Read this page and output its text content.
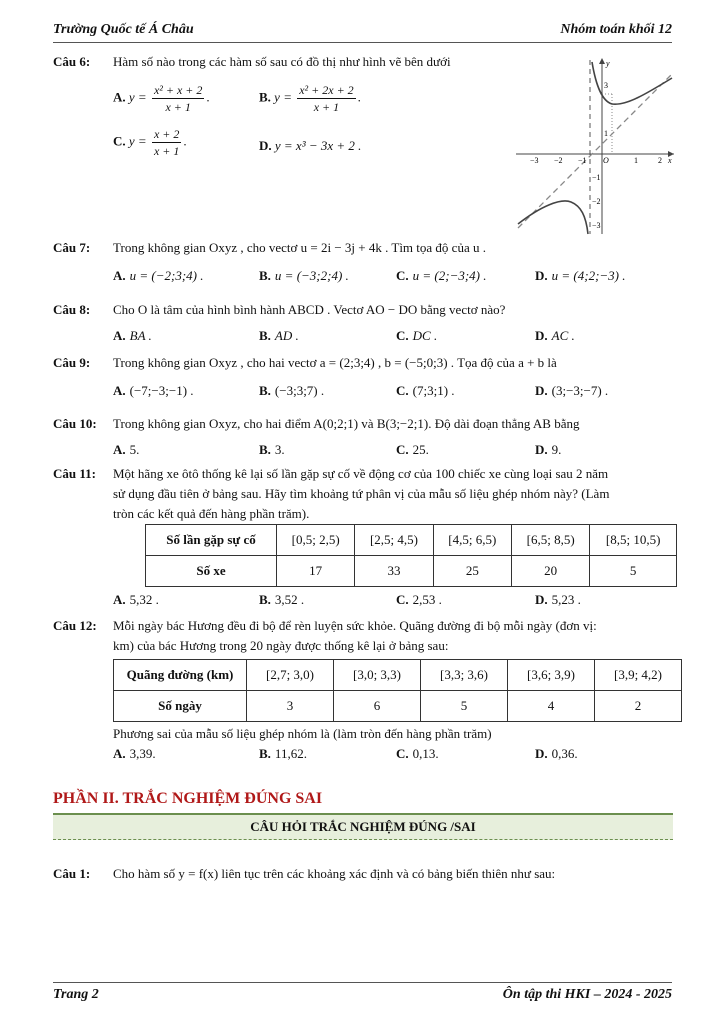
Trường Quốc tế Á Châu	Nhóm toán khối 12
Câu 6: Hàm số nào trong các hàm số sau có đồ thị như hình vẽ bên dưới
A. $y = \frac{\text{x² + x + 2}}{x + 1}$ .	B. $y = \frac{\text{x² + 2x + 2}}{x + 1}$ .
C. $y = \frac{x + 2}{x + 1}$ .	D. y = x³ − 3x + 2 .
−3 −2 −1 O	1	2 x
y
3
1
−1
−2
−3
Câu 7: Trong không gian Oxyz , cho vectơ u = 2i − 3j + 4k . Tìm tọa độ của u .
A. u = (−2;3;4) .	B. u = (−3;2;4) .	C. u = (2;−3;4) .	D. u = (4;2;−3) .
Câu 8: Cho O là tâm của hình bình hành ABCD . Vectơ AO − DO bằng vectơ nào?
A. BA .	B. AD .	C. DC .	D. AC .
Câu 9: Trong không gian Oxyz , cho hai vectơ a = (2;3;4) , b = (−5;0;3) . Tọa độ của a + b là
A. (−7;−3;−1) .	B. (−3;3;7) .	C. (7;3;1) .	D. (3;−3;−7) .
Câu 10: Trong không gian Oxyz, cho hai điểm A(0;2;1) và B(3;−2;1). Độ dài đoạn thẳng AB bằng
A. 5.	B. 3.	C. 25.	D. 9.
Câu 11: Một hãng xe ôtô thống kê lại số lần gặp sự cố về động cơ của 100 chiếc xe cùng loại sau 2 năm
sử dụng đầu tiên ở bảng sau. Hãy tìm khoảng tứ phân vị của mẫu số liệu ghép nhóm này? (Làm
tròn các kết quả đến hàng phần trăm).
Số lần gặp sự cố	[0,5; 2,5)	[2,5; 4,5)	[4,5; 6,5)	[6,5; 8,5)	[8,5; 10,5)
Số xe	17	33	25	20	5
A. 5,32 .	B. 3,52 .	C. 2,53 .	D. 5,23 .
Câu 12: Mỗi ngày bác Hương đều đi bộ để rèn luyện sức khỏe. Quãng đường đi bộ mỗi ngày (đơn vị:
km) của bác Hương trong 20 ngày được thống kê lại ở bảng sau:
Quãng đường (km)	[2,7; 3,0)	[3,0; 3,3)	[3,3; 3,6)	[3,6; 3,9)	[3,9; 4,2)
Số ngày	3	6	5	4	2
Phương sai của mẫu số liệu ghép nhóm là (làm tròn đến hàng phần trăm)
A. 3,39.	B. 11,62.	C. 0,13.	D. 0,36.
PHẦN II. TRẮC NGHIỆM ĐÚNG SAI
CÂU HỎI TRẮC NGHIỆM ĐÚNG /SAI
Câu 1: Cho hàm số y = f(x) liên tục trên các khoảng xác định và có bảng biến thiên như sau:
Trang 2	Ôn tập thi HKI – 2024 - 2025
